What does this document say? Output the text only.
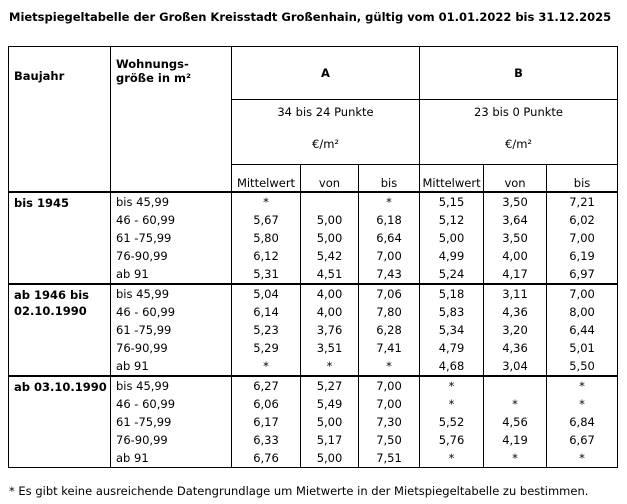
Mietspiegeltabelle der Großen Kreisstadt Großenhain, gültig vom 01.01.2022 bis 31.12.2025
Baujahr	Wohnungs-
größe in m²	A			B		
		34 bis 24 Punkte			23 bis 0 Punkte		
		€/m²			€/m²		
		Mittelwert	von	bis	Mittelwert	von	bis
bis 1945	bis 45,99	*		*	5,15	3,50	7,21
	46 - 60,99	5,67	5,00	6,18	5,12	3,64	6,02
	61 -75,99	5,80	5,00	6,64	5,00	3,50	7,00
	76-90,99	6,12	5,42	7,00	4,99	4,00	6,19
	ab 91	5,31	4,51	7,43	5,24	4,17	6,97
ab 1946 bis
02.10.1990	bis 45,99	5,04	4,00	7,06	5,18	3,11	7,00
	46 - 60,99	6,14	4,00	7,80	5,83	4,36	8,00
	61 -75,99	5,23	3,76	6,28	5,34	3,20	6,44
	76-90,99	5,29	3,51	7,41	4,79	4,36	5,01
	ab 91	*	*	*	4,68	3,04	5,50
ab 03.10.1990	bis 45,99	6,27	5,27	7,00	*		*
	46 - 60,99	6,06	5,49	7,00	*	*	*
	61 -75,99	6,17	5,00	7,30	5,52	4,56	6,84
	76-90,99	6,33	5,17	7,50	5,76	4,19	6,67
	ab 91	6,76	5,00	7,51	*	*	*
* Es gibt keine ausreichende Datengrundlage um Mietwerte in der Mietspiegeltabelle zu bestimmen.
